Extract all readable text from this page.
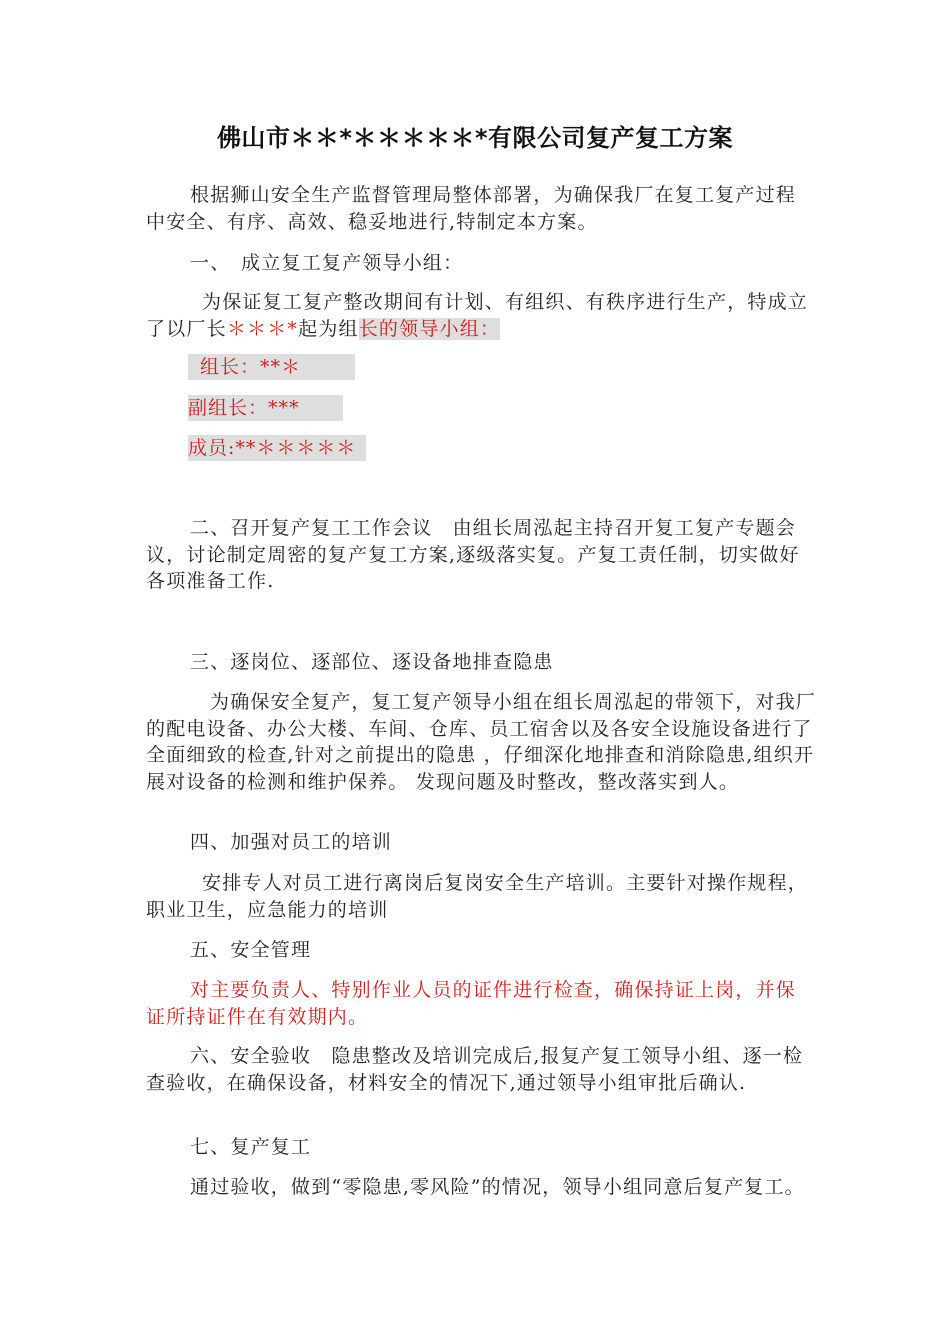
佛山市＊＊*＊＊＊＊＊*有限公司复产复工方案
根据狮山安全生产监督管理局整体部署，为确保我厂在复工复产过程中安全、有序、高效、稳妥地进行,特制定本方案。
一、　成立复工复产领导小组：
为保证复工复产整改期间有计划、有组织、有秩序进行生产，特成立了以厂长＊＊＊*起为组长的领导小组：
组长：**＊
副组长：***
成员:**＊＊＊＊＊
二、召开复产复工工作会议　由组长周泓起主持召开复工复产专题会议，讨论制定周密的复产复工方案,逐级落实复。产复工责任制，切实做好各项准备工作.
三、逐岗位、逐部位、逐设备地排查隐患
为确保安全复产，复工复产领导小组在组长周泓起的带领下，对我厂的配电设备、办公大楼、车间、仓库、员工宿舍以及各安全设施设备进行了全面细致的检查,针对之前提出的隐患 ，仔细深化地排查和消除隐患,组织开展对设备的检测和维护保养。 发现问题及时整改，整改落实到人。
四、加强对员工的培训
安排专人对员工进行离岗后复岗安全生产培训。主要针对操作规程，职业卫生，应急能力的培训
五、安全管理
对主要负责人、特别作业人员的证件进行检查，确保持证上岗，并保证所持证件在有效期内。
六、安全验收　隐患整改及培训完成后,报复产复工领导小组、逐一检查验收，在确保设备，材料安全的情况下,通过领导小组审批后确认.
七、复产复工
通过验收，做到“零隐患,零风险”的情况，领导小组同意后复产复工。
